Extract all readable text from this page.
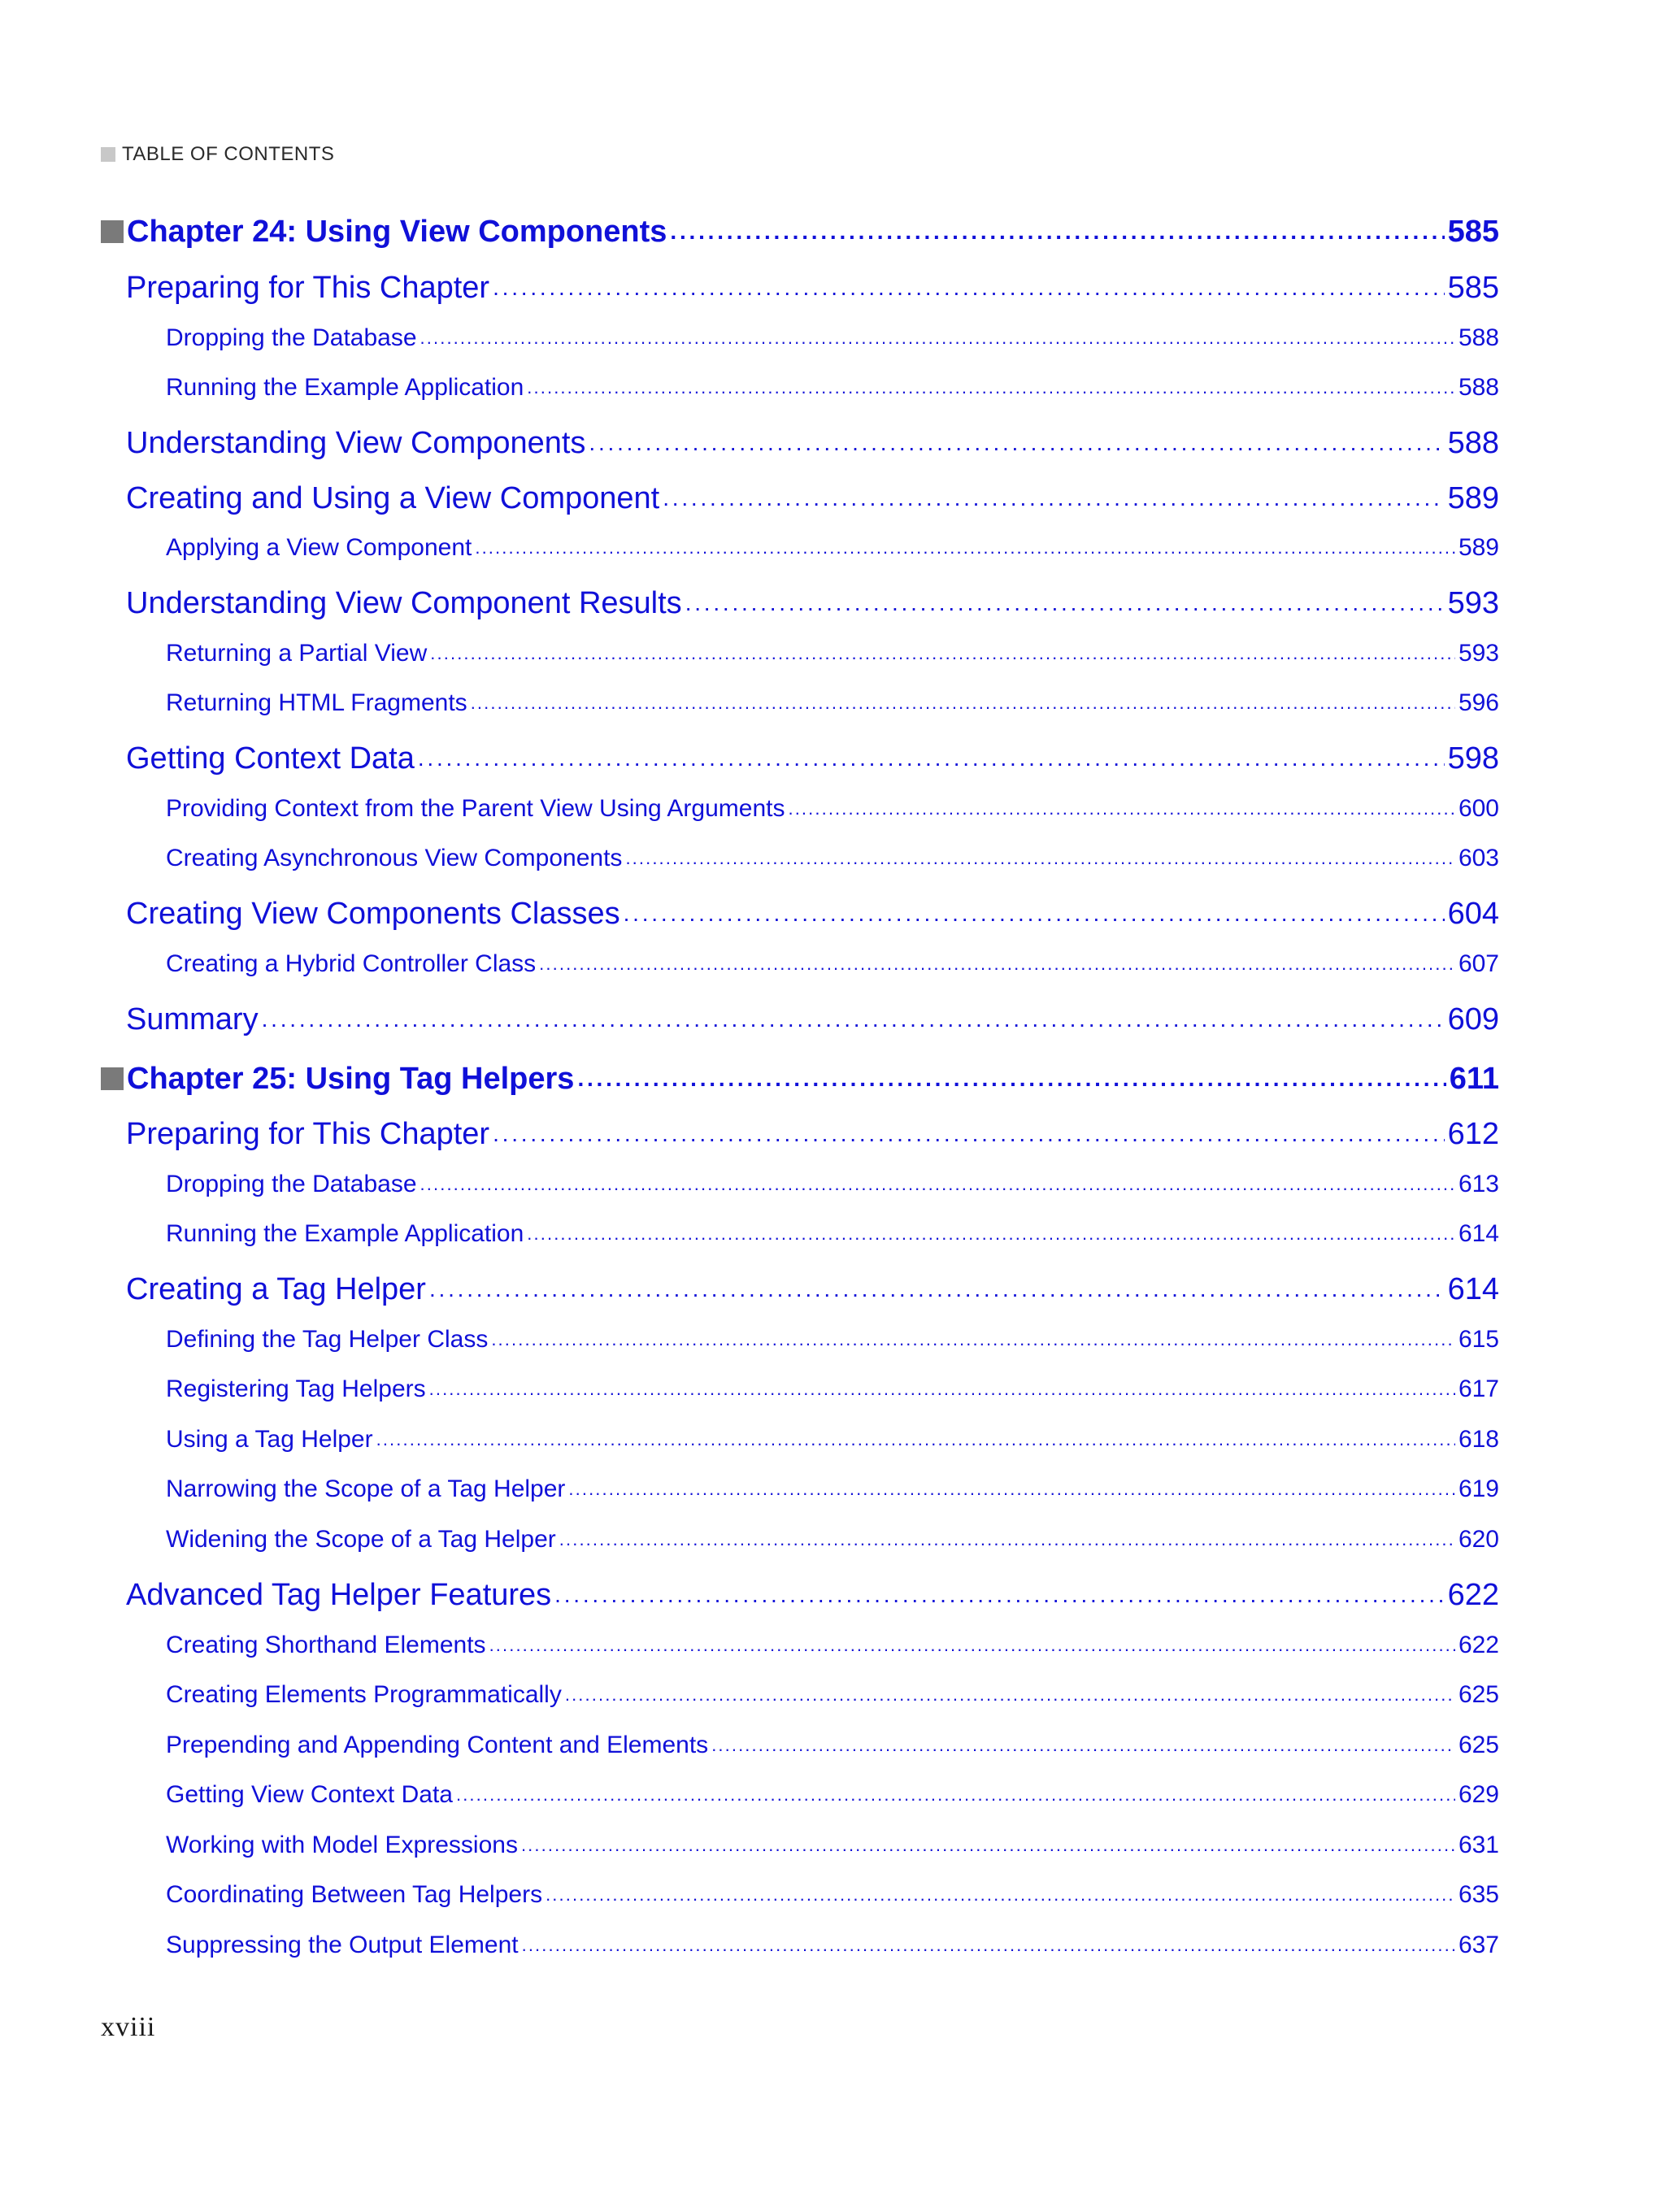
TABLE OF CONTENTS
Chapter 24: Using View Components . . .	585
Preparing for This Chapter . . .	585
Dropping the Database . . .	588
Running the Example Application . . .	588
Understanding View Components . . .	588
Creating and Using a View Component . . .	589
Applying a View Component . . .	589
Understanding View Component Results . . .	593
Returning a Partial View . . .	593
Returning HTML Fragments . . .	596
Getting Context Data . . .	598
Providing Context from the Parent View Using Arguments . . .	600
Creating Asynchronous View Components . . .	603
Creating View Components Classes . . .	604
Creating a Hybrid Controller Class . . .	607
Summary . . .	609
Chapter 25: Using Tag Helpers . . .	611
Preparing for This Chapter . . .	612
Dropping the Database . . .	613
Running the Example Application . . .	614
Creating a Tag Helper . . .	614
Defining the Tag Helper Class . . .	615
Registering Tag Helpers . . .	617
Using a Tag Helper . . .	618
Narrowing the Scope of a Tag Helper . . .	619
Widening the Scope of a Tag Helper . . .	620
Advanced Tag Helper Features . . .	622
Creating Shorthand Elements . . .	622
Creating Elements Programmatically . . .	625
Prepending and Appending Content and Elements . . .	625
Getting View Context Data . . .	629
Working with Model Expressions . . .	631
Coordinating Between Tag Helpers . . .	635
Suppressing the Output Element . . .	637
xviii
